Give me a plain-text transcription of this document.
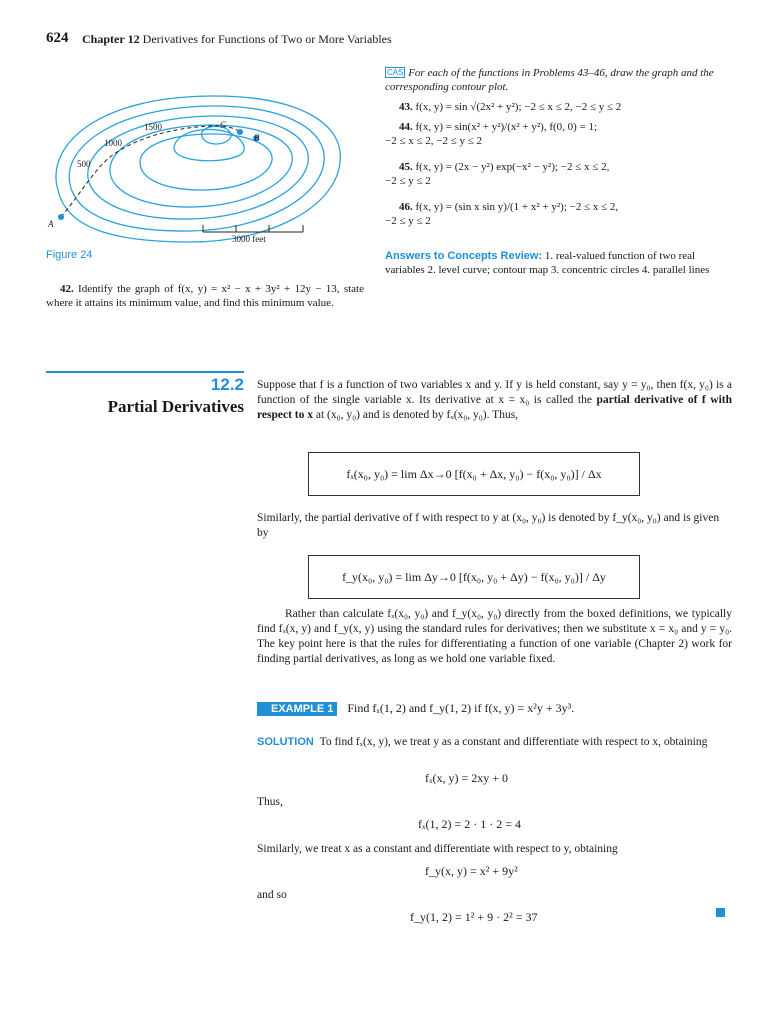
624 Chapter 12 Derivatives for Functions of Two or More Variables
500
1000
1500
A
B
C
3000 feet
Figure 24
CAS For each of the functions in Problems 43–46, draw the graph and the corresponding contour plot.
43. f(x, y) = sin √(2x² + y²); −2 ≤ x ≤ 2, −2 ≤ y ≤ 2
44. f(x, y) = sin(x² + y²)/(x² + y²), f(0, 0) = 1;
−2 ≤ x ≤ 2, −2 ≤ y ≤ 2
45. f(x, y) = (2x − y²) exp(−x² − y²); −2 ≤ x ≤ 2,
−2 ≤ y ≤ 2
46. f(x, y) = (sin x sin y)/(1 + x² + y²); −2 ≤ x ≤ 2,
−2 ≤ y ≤ 2
Answers to Concepts Review: 1. real-valued function of two real variables 2. level curve; contour map 3. concentric circles 4. parallel lines
42. Identify the graph of f(x, y) = x² − x + 3y² + 12y − 13, state where it attains its minimum value, and find this minimum value.
12.2
Partial Derivatives
Suppose that f is a function of two variables x and y. If y is held constant, say y = y₀, then f(x, y₀) is a function of the single variable x. Its derivative at x = x₀ is called the partial derivative of f with respect to x at (x₀, y₀) and is denoted by fₓ(x₀, y₀). Thus,
fₓ(x₀, y₀) = lim Δx→0 [f(x₀ + Δx, y₀) − f(x₀, y₀)] / Δx
Similarly, the partial derivative of f with respect to y at (x₀, y₀) is denoted by f_y(x₀, y₀) and is given by
f_y(x₀, y₀) = lim Δy→0 [f(x₀, y₀ + Δy) − f(x₀, y₀)] / Δy
Rather than calculate fₓ(x₀, y₀) and f_y(x₀, y₀) directly from the boxed definitions, we typically find fₓ(x, y) and f_y(x, y) using the standard rules for derivatives; then we substitute x = x₀ and y = y₀. The key point here is that the rules for differentiating a function of one variable (Chapter 2) work for finding partial derivatives, as long as we hold one variable fixed.
EXAMPLE 1	Find fₓ(1, 2) and f_y(1, 2) if f(x, y) = x²y + 3y³.
SOLUTION To find fₓ(x, y), we treat y as a constant and differentiate with respect to x, obtaining
fₓ(x, y) = 2xy + 0
Thus,
fₓ(1, 2) = 2 · 1 · 2 = 4
Similarly, we treat x as a constant and differentiate with respect to y, obtaining
f_y(x, y) = x² + 9y²
and so
f_y(1, 2) = 1² + 9 · 2² = 37
